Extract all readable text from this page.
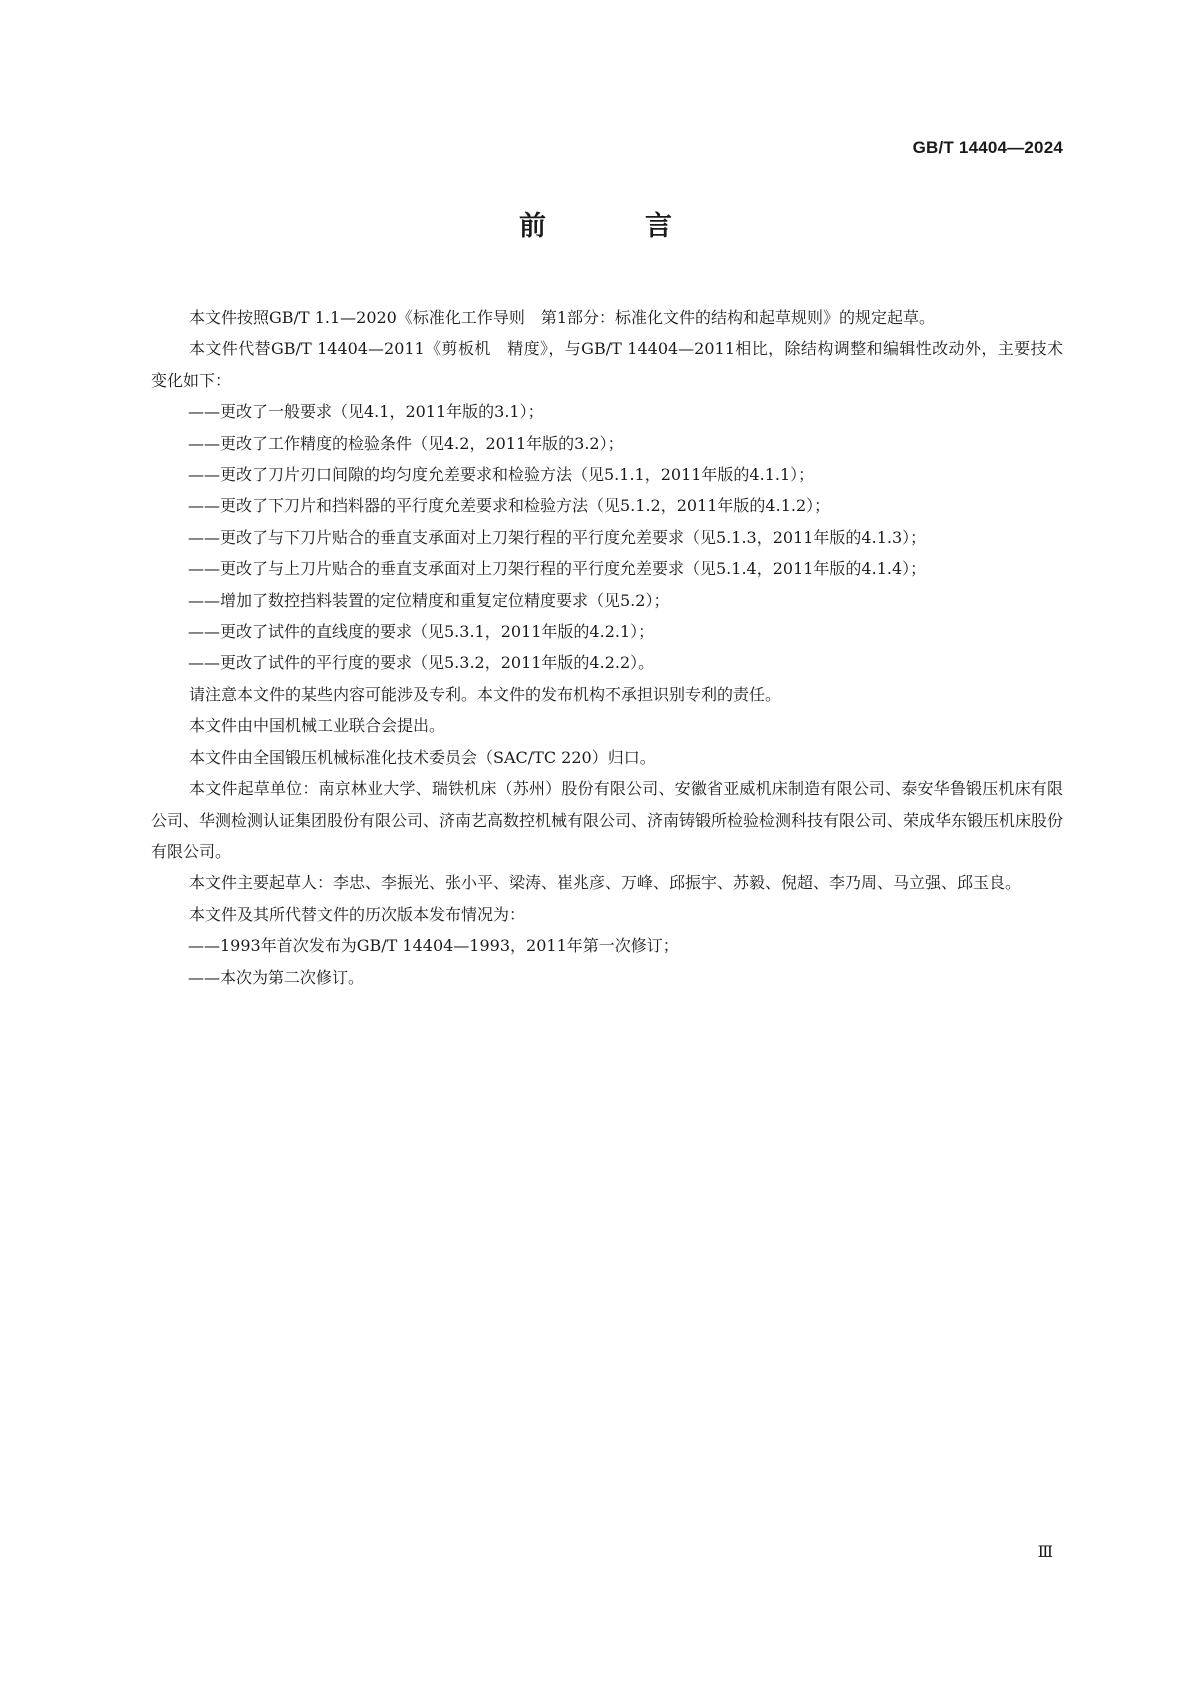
GB/T 14404—2024
前　言

本文件按照GB/T 1.1—2020《标准化工作导则　第1部分：标准化文件的结构和起草规则》的规定起草。

本文件代替GB/T 14404—2011《剪板机　精度》，与GB/T 14404—2011相比，除结构调整和编辑性改动外，主要技术变化如下：

——更改了一般要求（见4.1，2011年版的3.1）；

——更改了工作精度的检验条件（见4.2，2011年版的3.2）；

——更改了刀片刃口间隙的均匀度允差要求和检验方法（见5.1.1，2011年版的4.1.1）；

——更改了下刀片和挡料器的平行度允差要求和检验方法（见5.1.2，2011年版的4.1.2）；

——更改了与下刀片贴合的垂直支承面对上刀架行程的平行度允差要求（见5.1.3，2011年版的4.1.3）；

——更改了与上刀片贴合的垂直支承面对上刀架行程的平行度允差要求（见5.1.4，2011年版的4.1.4）；

——增加了数控挡料装置的定位精度和重复定位精度要求（见5.2）；

——更改了试件的直线度的要求（见5.3.1，2011年版的4.2.1）；

——更改了试件的平行度的要求（见5.3.2，2011年版的4.2.2）。

请注意本文件的某些内容可能涉及专利。本文件的发布机构不承担识别专利的责任。

本文件由中国机械工业联合会提出。

本文件由全国锻压机械标准化技术委员会（SAC/TC 220）归口。

本文件起草单位：南京林业大学、瑞铁机床（苏州）股份有限公司、安徽省亚威机床制造有限公司、泰安华鲁锻压机床有限公司、华测检测认证集团股份有限公司、济南艺高数控机械有限公司、济南铸锻所检验检测科技有限公司、荣成华东锻压机床股份有限公司。

本文件主要起草人：李忠、李振光、张小平、梁涛、崔兆彦、万峰、邱振宇、苏毅、倪超、李乃周、马立强、邱玉良。

本文件及其所代替文件的历次版本发布情况为：

——1993年首次发布为GB/T 14404—1993，2011年第一次修订；

——本次为第二次修订。

Ⅲ
